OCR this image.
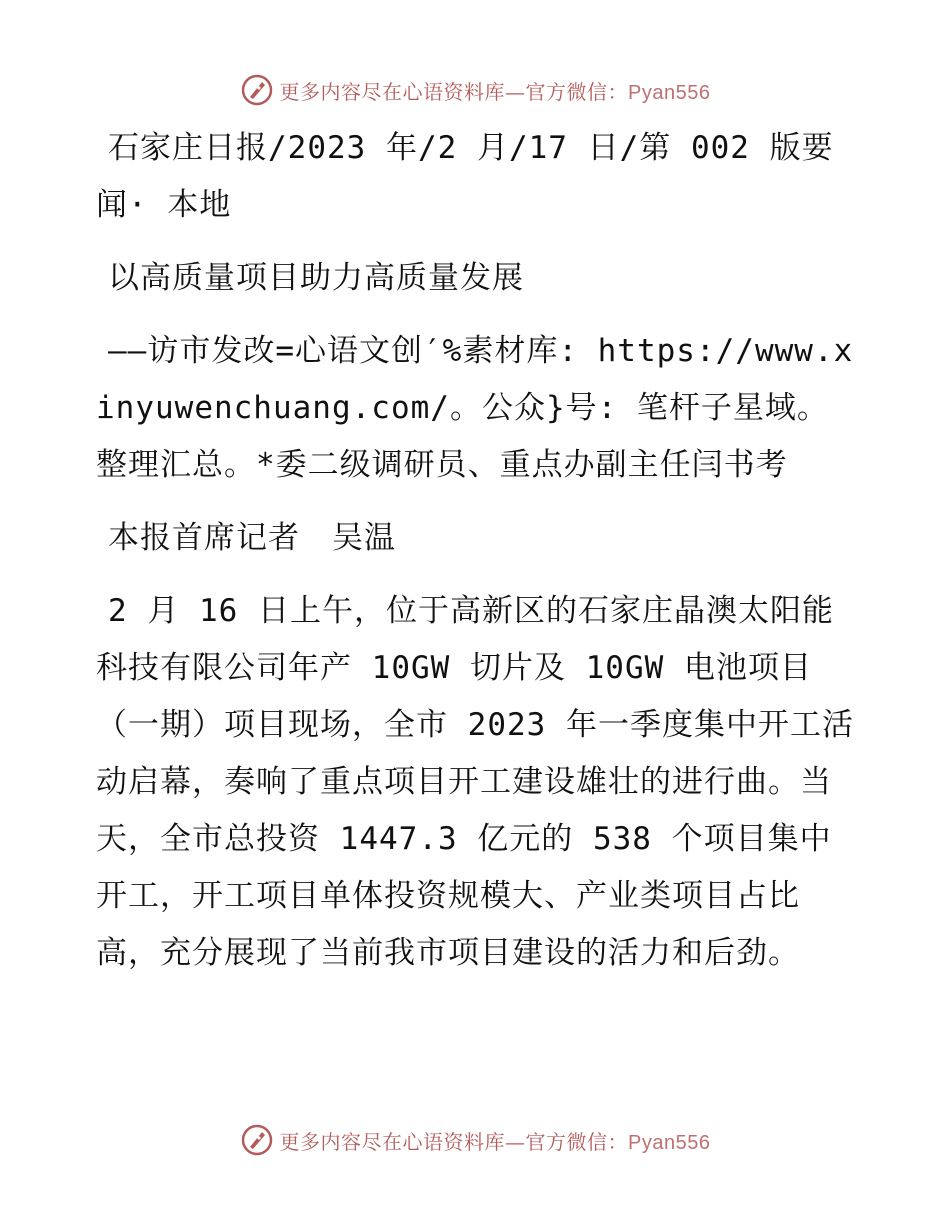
更多内容尽在心语资料库—官方微信：Pyan556

石家庄日报/2023 年/2 月/17 日/第 002 版要闻· 本地

以高质量项目助力高质量发展

——访市发改=心语文创′%素材库: https://www.xinyuwenchuang.com/。公众}号: 笔杆子星域。整理汇总。*委二级调研员、重点办副主任闫书考

本报首席记者　吴温

2 月 16 日上午，位于高新区的石家庄晶澳太阳能科技有限公司年产 10GW 切片及 10GW 电池项目（一期）项目现场，全市 2023 年一季度集中开工活动启幕，奏响了重点项目开工建设雄壮的进行曲。当天，全市总投资 1447.3 亿元的 538 个项目集中开工，开工项目单体投资规模大、产业类项目占比高，充分展现了当前我市项目建设的活力和后劲。

更多内容尽在心语资料库—官方微信：Pyan556
